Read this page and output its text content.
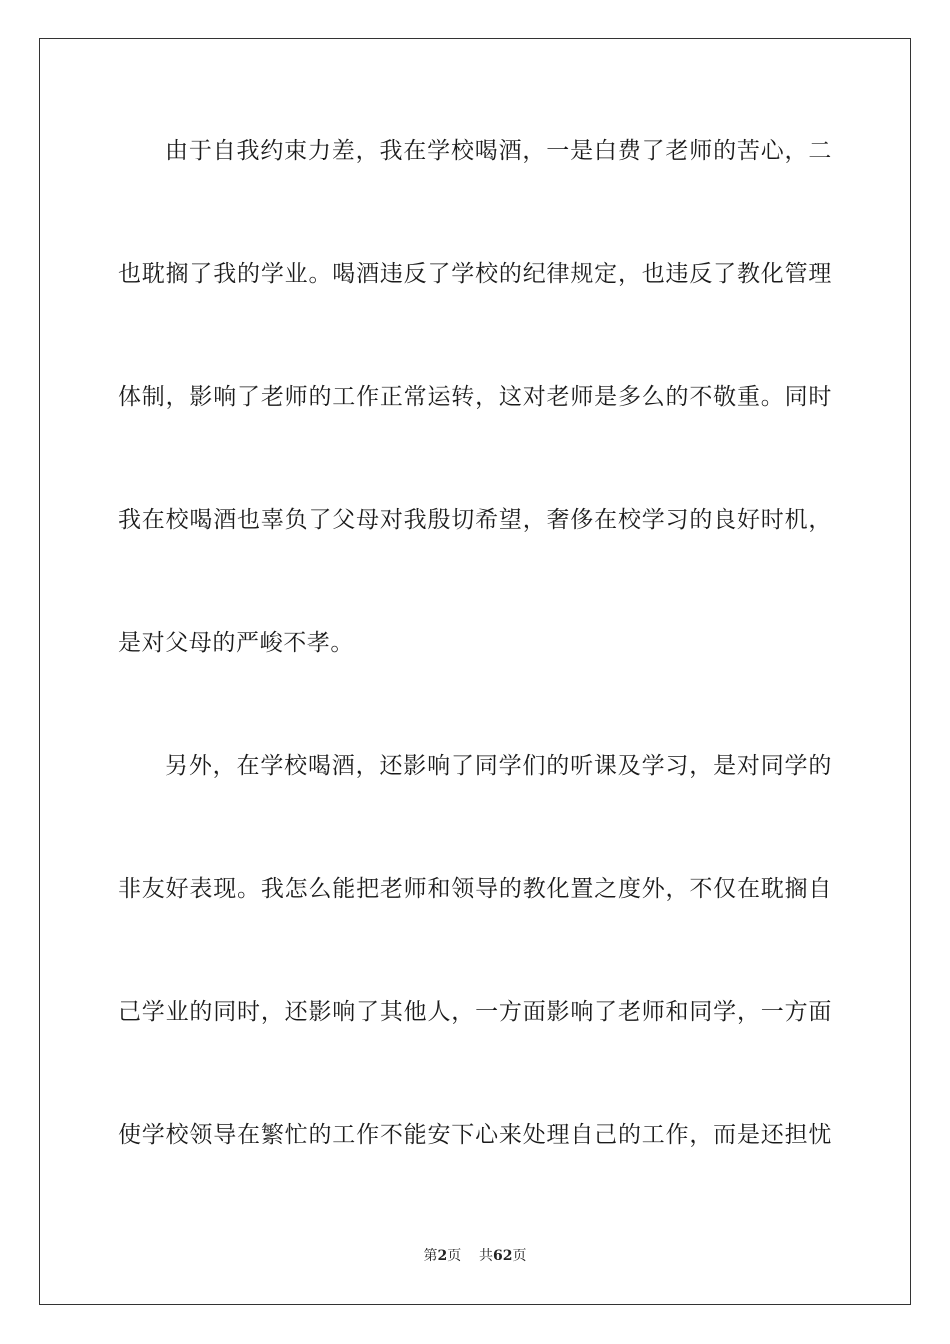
由于自我约束力差，我在学校喝酒，一是白费了老师的苦心，二
也耽搁了我的学业。喝酒违反了学校的纪律规定，也违反了教化管理
体制，影响了老师的工作正常运转，这对老师是多么的不敬重。同时
我在校喝酒也辜负了父母对我殷切希望，奢侈在校学习的良好时机，
是对父母的严峻不孝。
另外，在学校喝酒，还影响了同学们的听课及学习，是对同学的
非友好表现。我怎么能把老师和领导的教化置之度外，不仅在耽搁自
己学业的同时，还影响了其他人，一方面影响了老师和同学，一方面
使学校领导在繁忙的工作不能安下心来处理自己的工作，而是还担忧
第2页 共62页
